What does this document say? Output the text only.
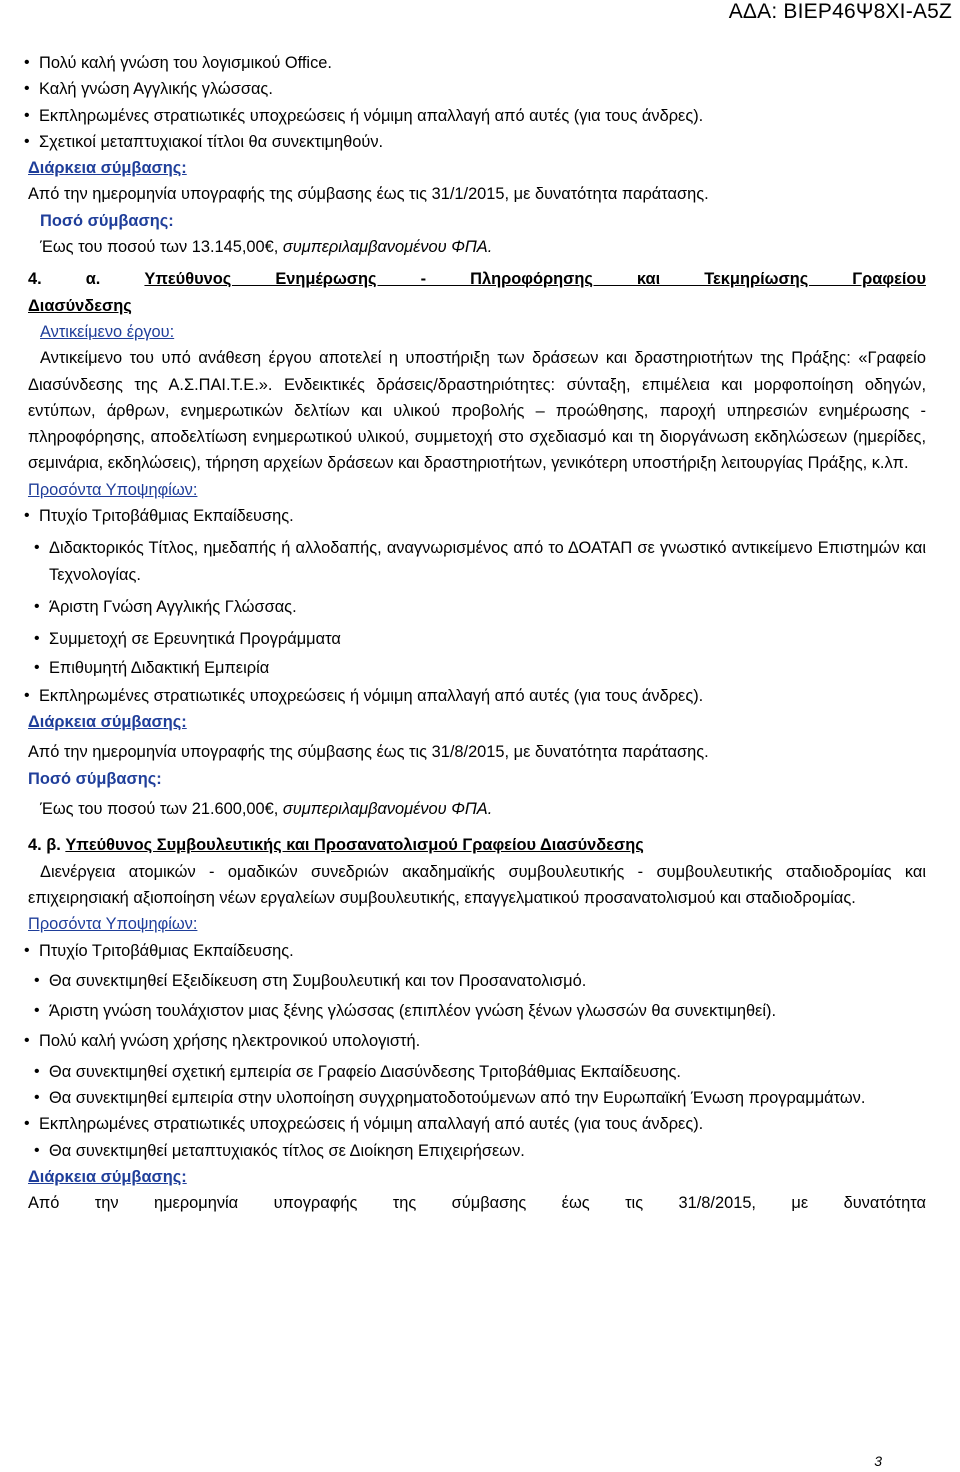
ΑΔΑ: ΒΙΕΡ46Ψ8ΧΙ-Α5Ζ

• Πολύ καλή γνώση του λογισμικού Office.

• Καλή γνώση Αγγλικής γλώσσας.

• Εκπληρωμένες στρατιωτικές υποχρεώσεις ή νόμιμη απαλλαγή από αυτές (για τους άνδρες).

• Σχετικοί μεταπτυχιακοί τίτλοι θα συνεκτιμηθούν.

Διάρκεια σύμβασης:

Από την ημερομηνία υπογραφής της σύμβασης έως τις 31/1/2015, με δυνατότητα παράτασης.

Ποσό σύμβασης:

Έως του ποσού των 13.145,00€, συμπεριλαμβανομένου ΦΠΑ.

4. α.	Υπεύθυνος Ενημέρωσης - Πληροφόρησης και Τεκμηρίωσης Γραφείου

Διασύνδεσης

Αντικείμενο έργου:

Αντικείμενο του υπό ανάθεση έργου αποτελεί η υποστήριξη των δράσεων και δραστηριοτήτων της Πράξης: «Γραφείο Διασύνδεσης της Α.Σ.ΠΑΙ.Τ.Ε.». Ενδεικτικές δράσεις/δραστηριότητες: σύνταξη, επιμέλεια και μορφοποίηση οδηγών, εντύπων, άρθρων, ενημερωτικών δελτίων και υλικού προβολής – προώθησης, παροχή υπηρεσιών ενημέρωσης - πληροφόρησης, αποδελτίωση ενημερωτικού υλικού, συμμετοχή στο σχεδιασμό και τη διοργάνωση εκδηλώσεων (ημερίδες, σεμινάρια, εκδηλώσεις), τήρηση αρχείων δράσεων και δραστηριοτήτων, γενικότερη υποστήριξη λειτουργίας Πράξης, κ.λπ.

Προσόντα Υποψηφίων:

• Πτυχίο Τριτοβάθμιας Εκπαίδευσης.

• Διδακτορικός Τίτλος, ημεδαπής ή αλλοδαπής, αναγνωρισμένος από το ΔΟΑΤΑΠ σε γνωστικό αντικείμενο Επιστημών και Τεχνολογίας.

• Άριστη Γνώση Αγγλικής Γλώσσας.

• Συμμετοχή σε Ερευνητικά Προγράμματα

• Επιθυμητή Διδακτική Εμπειρία

• Εκπληρωμένες στρατιωτικές υποχρεώσεις ή νόμιμη απαλλαγή από αυτές (για τους άνδρες).

Διάρκεια σύμβασης:

Από την ημερομηνία υπογραφής της σύμβασης έως τις 31/8/2015, με δυνατότητα παράτασης.

Ποσό σύμβασης:

Έως του ποσού των 21.600,00€, συμπεριλαμβανομένου ΦΠΑ.

4. β. Υπεύθυνος Συμβουλευτικής και Προσανατολισμού Γραφείου Διασύνδεσης

Διενέργεια ατομικών - ομαδικών συνεδριών ακαδημαϊκής συμβουλευτικής - συμβουλευτικής σταδιοδρομίας και επιχειρησιακή αξιοποίηση νέων εργαλείων συμβουλευτικής, επαγγελματικού προσανατολισμού και σταδιοδρομίας.

Προσόντα Υποψηφίων:

• Πτυχίο Τριτοβάθμιας Εκπαίδευσης.

• Θα συνεκτιμηθεί Εξειδίκευση στη Συμβουλευτική και τον Προσανατολισμό.

• Άριστη γνώση τουλάχιστον μιας ξένης γλώσσας (επιπλέον γνώση ξένων γλωσσών θα συνεκτιμηθεί).

• Πολύ καλή γνώση χρήσης ηλεκτρονικού υπολογιστή.

• Θα συνεκτιμηθεί σχετική εμπειρία σε Γραφείο Διασύνδεσης Τριτοβάθμιας Εκπαίδευσης.

• Θα συνεκτιμηθεί εμπειρία στην υλοποίηση συγχρηματοδοτούμενων από την Ευρωπαϊκή Ένωση προγραμμάτων.

• Εκπληρωμένες στρατιωτικές υποχρεώσεις ή νόμιμη απαλλαγή από αυτές (για τους άνδρες).

• Θα συνεκτιμηθεί μεταπτυχιακός τίτλος σε Διοίκηση Επιχειρήσεων.

Διάρκεια σύμβασης:

Από την ημερομηνία υπογραφής της σύμβασης έως τις 31/8/2015, με δυνατότητα

3
